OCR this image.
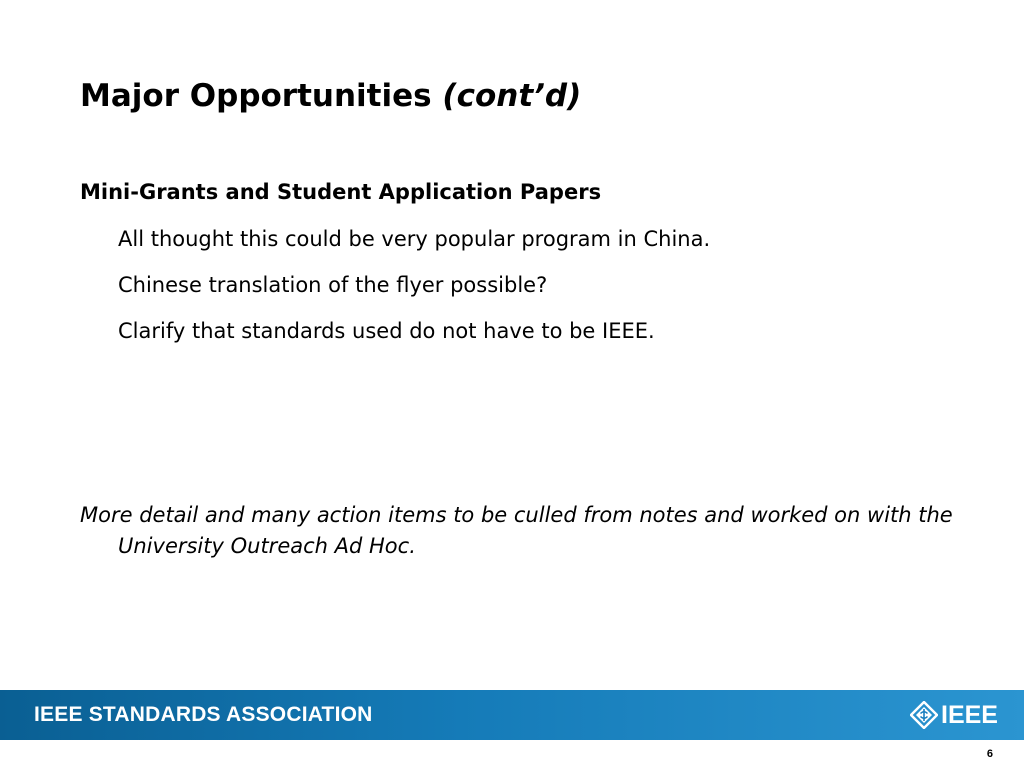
Major Opportunities (cont’d)
Mini-Grants and Student Application Papers
All thought this could be very popular program in China.
Chinese translation of the flyer possible?
Clarify that standards used do not have to be IEEE.

More detail and many action items to be culled from notes and worked on with the University Outreach Ad Hoc.

IEEE STANDARDS ASSOCIATION	IEEE
6
